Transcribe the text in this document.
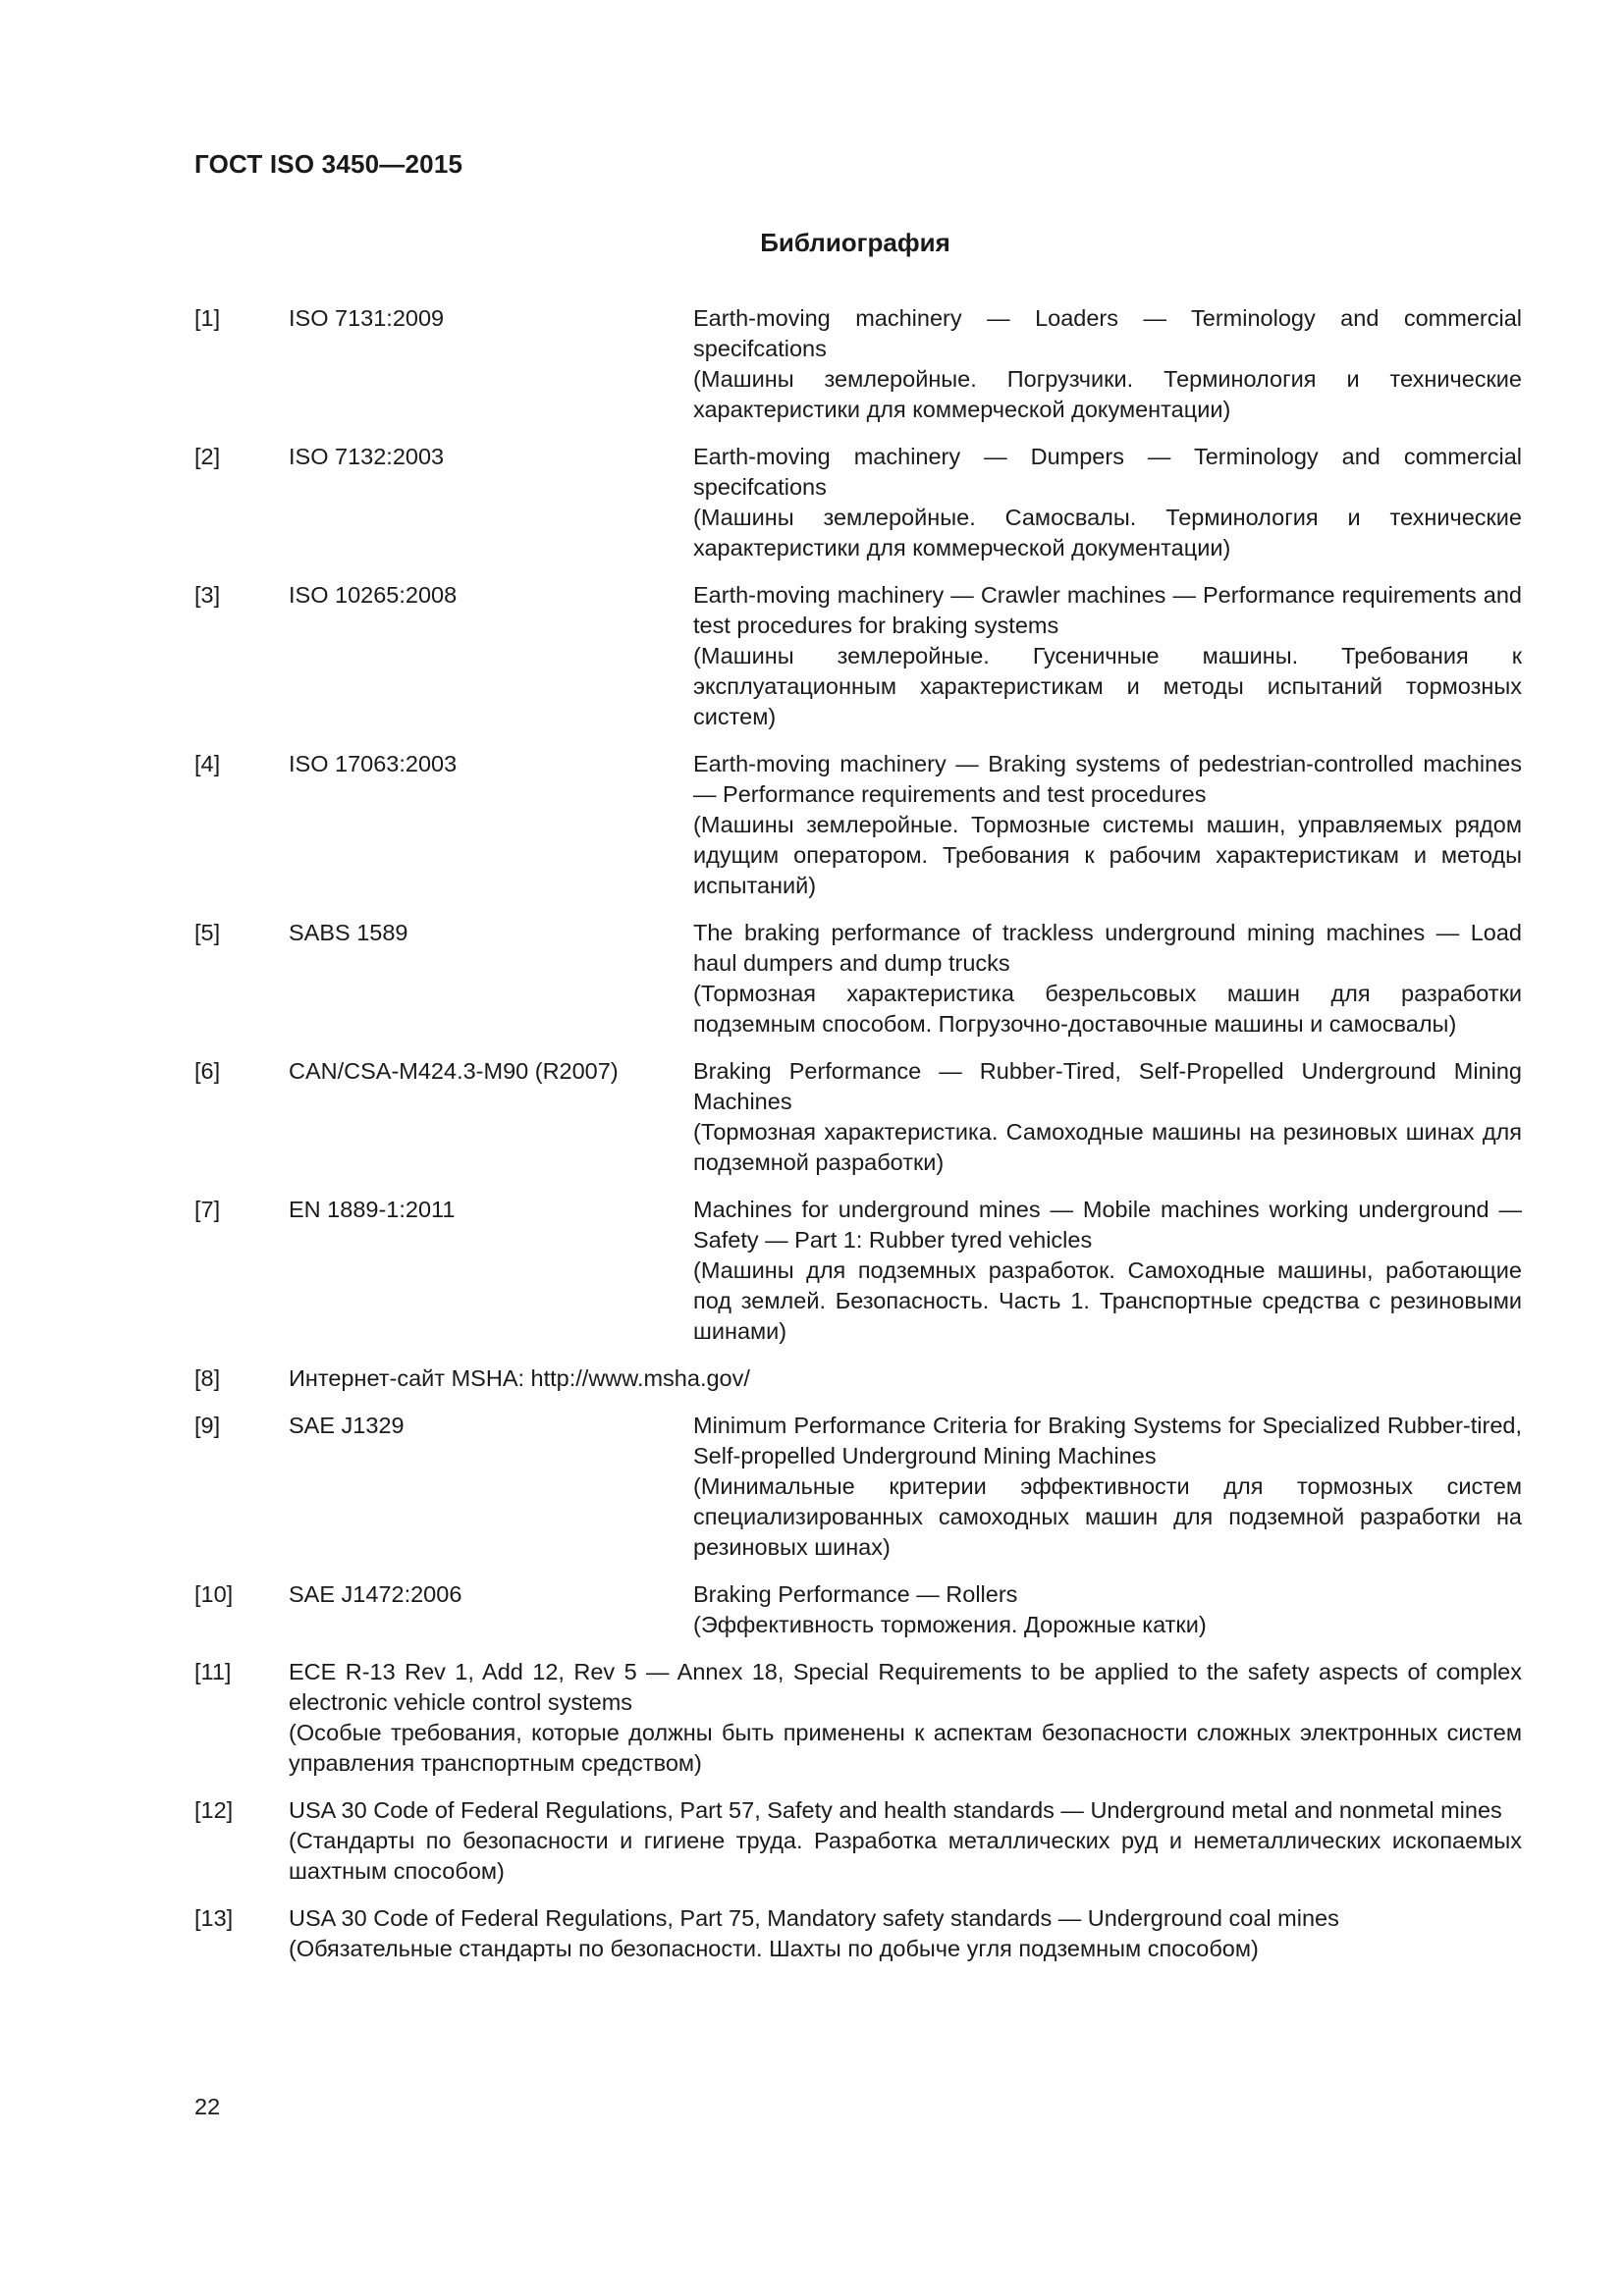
ГОСТ ISO 3450—2015
Библиография
[1]	ISO 7131:2009	Earth-moving machinery — Loaders — Terminology and commercial specifcations
(Машины землеройные. Погрузчики. Терминология и технические характеристики для коммерческой документации)
[2]	ISO 7132:2003	Earth-moving machinery — Dumpers — Terminology and commercial specifcations
(Машины землеройные. Самосвалы. Терминология и технические характеристики для коммерческой документации)
[3]	ISO 10265:2008	Earth-moving machinery — Crawler machines — Performance requirements and test procedures for braking systems
(Машины землеройные. Гусеничные машины. Требования к эксплуатационным характеристикам и методы испытаний тормозных систем)
[4]	ISO 17063:2003	Earth-moving machinery — Braking systems of pedestrian-controlled machines — Performance requirements and test procedures
(Машины землеройные. Тормозные системы машин, управляемых рядом идущим оператором. Требования к рабочим характеристикам и методы испытаний)
[5]	SABS 1589	The braking performance of trackless underground mining machines — Load haul dumpers and dump trucks
(Тормозная характеристика безрельсовых машин для разработки подземным способом. Погрузочно-доставочные машины и самосвалы)
[6]	CAN/CSA-M424.3-M90 (R2007)	Braking Performance — Rubber-Tired, Self-Propelled Underground Mining Machines
(Тормозная характеристика. Самоходные машины на резиновых шинах для подземной разработки)
[7]	EN 1889-1:2011	Machines for underground mines — Mobile machines working underground — Safety — Part 1: Rubber tyred vehicles
(Машины для подземных разработок. Самоходные машины, работающие под землей. Безопасность. Часть 1. Транспортные средства с резиновыми шинами)
[8]	Интернет-сайт MSHA: http://www.msha.gov/
[9]	SAE J1329	Minimum Performance Criteria for Braking Systems for Specialized Rubber-tired, Self-propelled Underground Mining Machines
(Минимальные критерии эффективности для тормозных систем специализированных самоходных машин для подземной разработки на резиновых шинах)
[10]	SAE J1472:2006	Braking Performance — Rollers
(Эффективность торможения. Дорожные катки)
[11]	ECE R-13 Rev 1, Add 12, Rev 5 — Annex 18, Special Requirements to be applied to the safety aspects of complex electronic vehicle control systems
(Особые требования, которые должны быть применены к аспектам безопасности сложных электронных систем управления транспортным средством)
[12]	USA 30 Code of Federal Regulations, Part 57, Safety and health standards — Underground metal and nonmetal mines
(Стандарты по безопасности и гигиене труда. Разработка металлических руд и неметаллических ископаемых шахтным способом)
[13]	USA 30 Code of Federal Regulations, Part 75, Mandatory safety standards — Underground coal mines
(Обязательные стандарты по безопасности. Шахты по добыче угля подземным способом)
22
